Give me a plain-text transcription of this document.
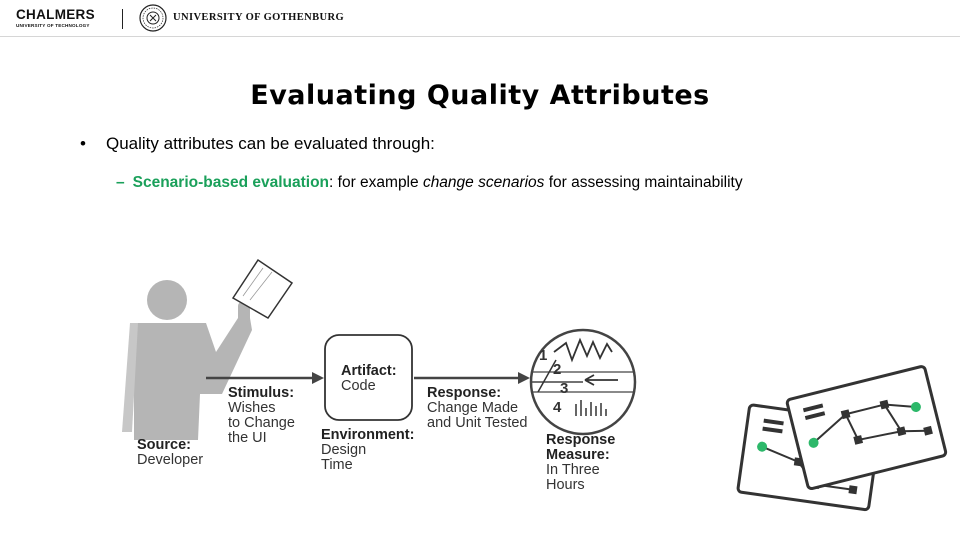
CHALMERS
UNIVERSITY OF TECHNOLOGY
UNIVERSITY OF GOTHENBURG
Evaluating Quality Attributes
• Quality attributes can be evaluated through:
– Scenario-based evaluation: for example change scenarios for assessing maintainability
1
2
3
4
Source:
Developer
Stimulus:
Wishes
to Change
the UI
Artifact:
Code
Environment:
Design
Time
Response:
Change Made
and Unit Tested
Response
Measure:
In Three
Hours
